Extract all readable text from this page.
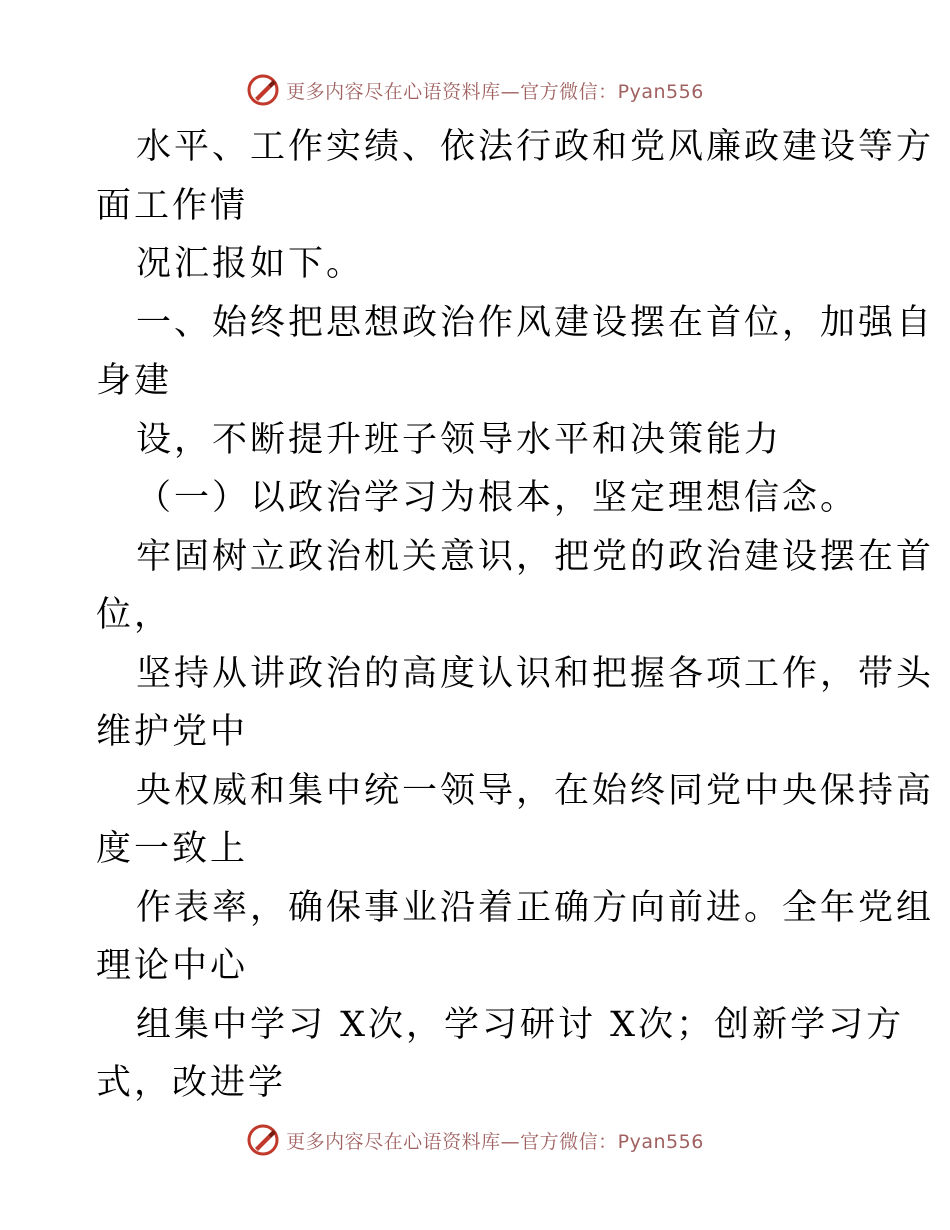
更多内容尽在心语资料库—官方微信：Pyan556
水平、工作实绩、依法行政和党风廉政建设等方
面工作情
况汇报如下。
一、始终把思想政治作风建设摆在首位，加强自
身建
设，不断提升班子领导水平和决策能力
（一）以政治学习为根本，坚定理想信念。
牢固树立政治机关意识，把党的政治建设摆在首
位，
坚持从讲政治的高度认识和把握各项工作，带头
维护党中
央权威和集中统一领导，在始终同党中央保持高
度一致上
作表率，确保事业沿着正确方向前进。全年党组
理论中心
组集中学习 X次，学习研讨 X次；创新学习方
式，改进学
更多内容尽在心语资料库—官方微信：Pyan556
